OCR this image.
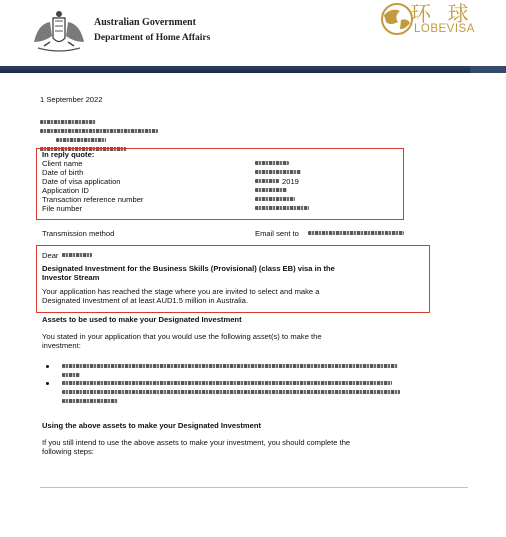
Australian Government
Department of Home Affairs
环 球
LOBEVISA
1 September 2022
In reply quote:
Client name
Date of birth
Date of visa application
Application ID
Transaction reference number
File number
2019
Transmission method	Email sent to
Dear
Designated Investment for the Business Skills (Provisional) (class EB) visa in the
Investor Stream
Your application has reached the stage where you are invited to select and make a
Designated Investment of at least AUD1.5 million in Australia.
Assets to be used to make your Designated Investment
You stated in your application that you would use the following asset(s) to make the
investment:
Using the above assets to make your Designated Investment
If you still intend to use the above assets to make your investment, you should complete the
following steps:
